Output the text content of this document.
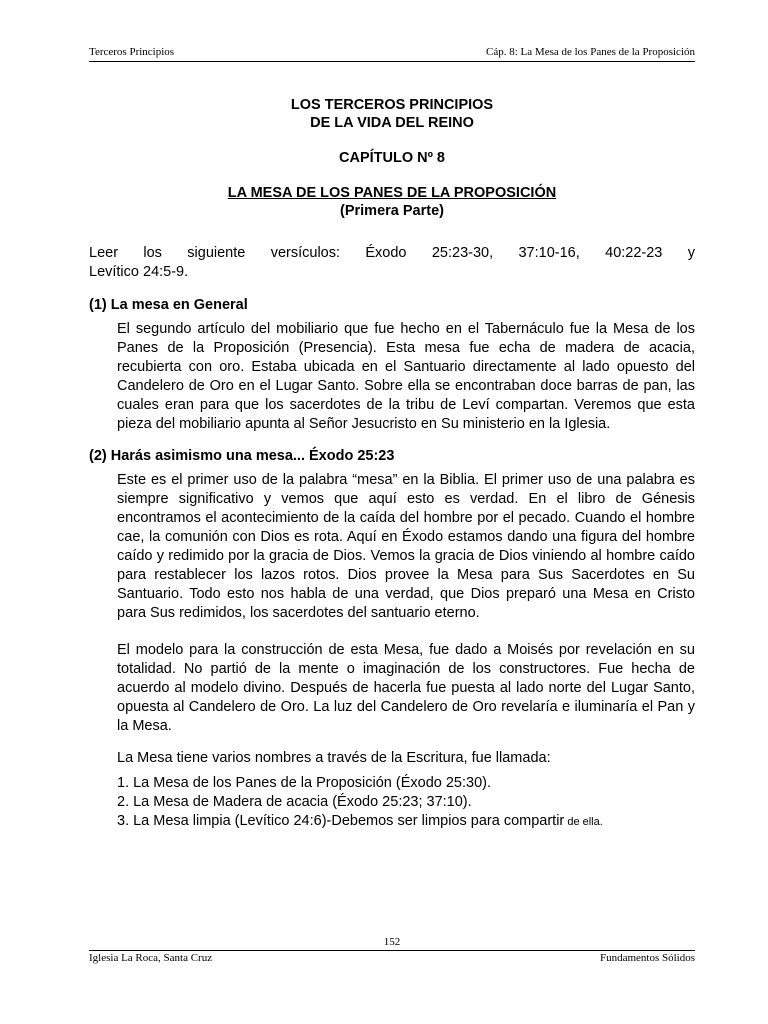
Terceros Principios	Cáp. 8: La Mesa de los Panes de la Proposición
LOS TERCEROS PRINCIPIOS
DE LA VIDA DEL REINO
CAPÍTULO Nº 8
LA MESA DE LOS PANES DE LA PROPOSICIÓN
(Primera Parte)

Leer los siguiente versículos: Éxodo 25:23-30, 37:10-16, 40:22-23 y

Levítico 24:5-9.

(1) La mesa en General

El segundo artículo del mobiliario que fue hecho en el Tabernáculo fue la Mesa de los Panes de la Proposición (Presencia). Esta mesa fue echa de madera de acacia, recubierta con oro. Estaba ubicada en el Santuario directamente al lado opuesto del Candelero de Oro en el Lugar Santo. Sobre ella se encontraban doce barras de pan, las cuales eran para que los sacerdotes de la tribu de Leví compartan. Veremos que esta pieza del mobiliario apunta al Señor Jesucristo en Su ministerio en la Iglesia.

(2) Harás asimismo una mesa... Éxodo 25:23

Este es el primer uso de la palabra “mesa” en la Biblia. El primer uso de una palabra es siempre significativo y vemos que aquí esto es verdad. En el libro de Génesis encontramos el acontecimiento de la caída del hombre por el pecado. Cuando el hombre cae, la comunión con Dios es rota. Aquí en Éxodo estamos dando una figura del hombre caído y redimido por la gracia de Dios. Vemos la gracia de Dios viniendo al hombre caído para restablecer los lazos rotos. Dios provee la Mesa para Sus Sacerdotes en Su Santuario. Todo esto nos habla de una verdad, que Dios preparó una Mesa en Cristo para Sus redimidos, los sacerdotes del santuario eterno.

El modelo para la construcción de esta Mesa, fue dado a Moisés por revelación en su totalidad. No partió de la mente o imaginación de los constructores. Fue hecha de acuerdo al modelo divino. Después de hacerla fue puesta al lado norte del Lugar Santo, opuesta al Candelero de Oro. La luz del Candelero de Oro revelaría e iluminaría el Pan y la Mesa.

La Mesa tiene varios nombres a través de la Escritura, fue llamada:

1. La Mesa de los Panes de la Proposición (Éxodo 25:30).

2. La Mesa de Madera de acacia (Éxodo 25:23; 37:10).

3. La Mesa limpia (Levítico 24:6)-Debemos ser limpios para compartir de ella.

152
Iglesia La Roca, Santa Cruz	Fundamentos Sólidos
